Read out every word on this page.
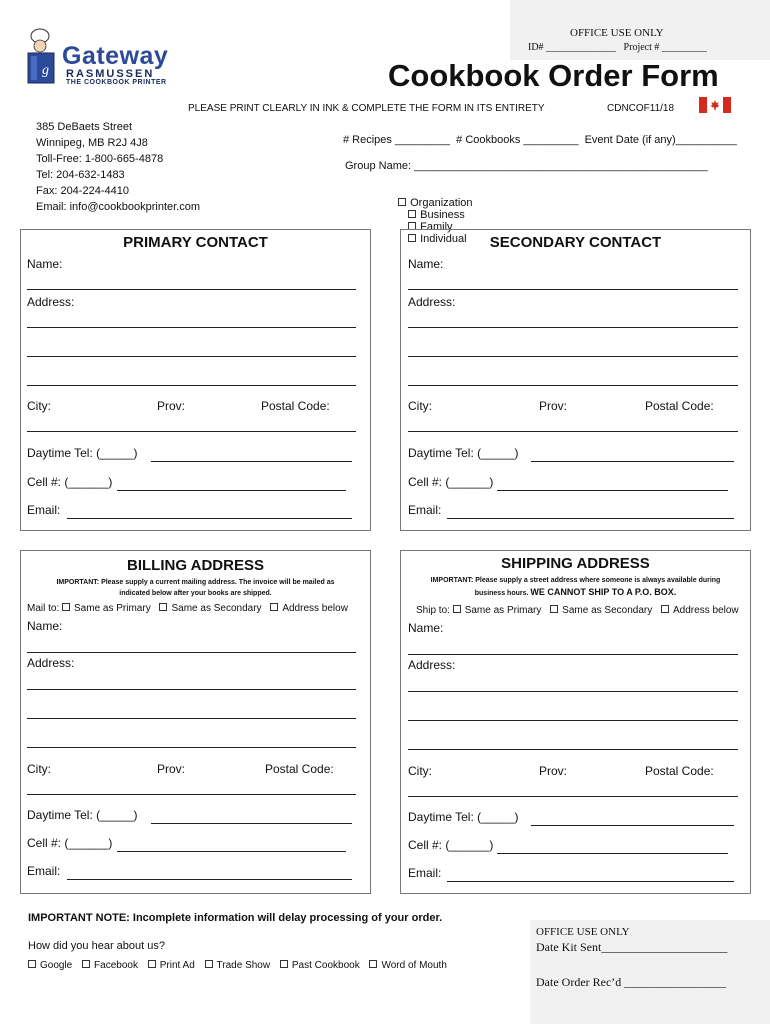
OFFICE USE ONLY
ID# ______________   Project # _________
g
Gateway
RASMUSSEN
THE COOKBOOK PRINTER	Cookbook Order Form
PLEASE PRINT CLEARLY IN INK & COMPLETE THE FORM IN ITS ENTIRETY	CDNCOF11/18
385 DeBaets Street
Winnipeg, MB R2J 4J8
Toll-Free: 1-800-665-4878
Tel: 204-632-1483
Fax: 204-224-4410
Email: info@cookbookprinter.com
# Recipes _________  # Cookbooks _________  Event Date (if any)__________
Group Name: ________________________________________________

Organization
Business
Family
Individual

PRIMARY CONTACT
Name:
Address:
City:	Prov:	Postal Code:
Daytime Tel: (_____)
Cell #: (______)
Email:
SECONDARY CONTACT
Name:
Address:
City:	Prov:	Postal Code:
Daytime Tel: (_____)
Cell #: (______)
Email:
BILLING ADDRESS
IMPORTANT: Please supply a current mailing address. The invoice will be mailed as
indicated below after your books are shipped.
Mail to: Same as Primary Same as Secondary Address below
Name:
Address:
City:	Prov:	Postal Code:
Daytime Tel: (_____)
Cell #: (______)
Email:
SHIPPING ADDRESS
IMPORTANT: Please supply a street address where someone is always available during
business hours. WE CANNOT SHIP TO A P.O. BOX.
Ship to: Same as Primary Same as Secondary Address below
Name:
Address:
City:	Prov:	Postal Code:
Daytime Tel: (_____)
Cell #: (______)
Email:
IMPORTANT NOTE: Incomplete information will delay processing of your order.
How did you hear about us?
Google Facebook Print Ad Trade Show Past Cookbook Word of Mouth
OFFICE USE ONLY
Date Kit Sent_____________________
Date Order Rec’d _________________
